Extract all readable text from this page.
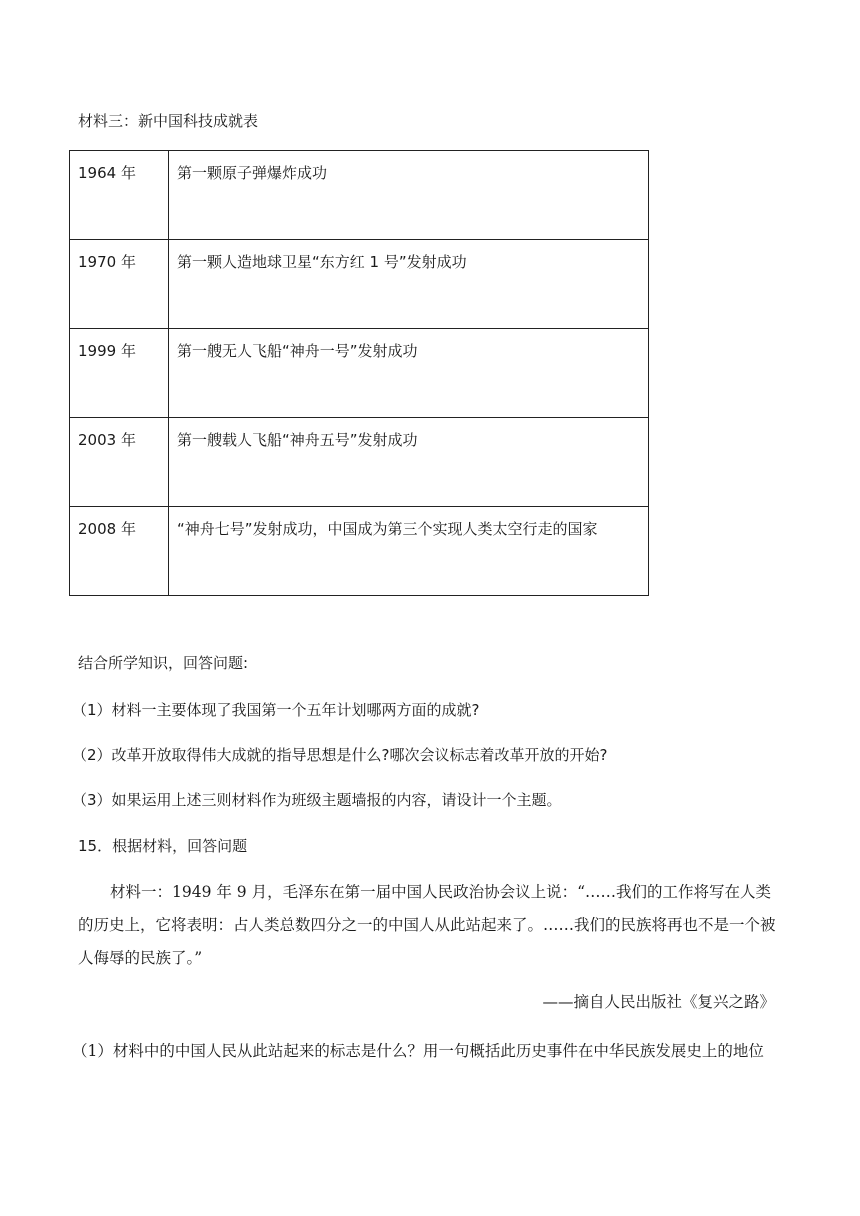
材料三：新中国科技成就表
1964 年	第一颗原子弹爆炸成功
1970 年	第一颗人造地球卫星“东方红 1 号”发射成功
1999 年	第一艘无人飞船“神舟一号”发射成功
2003 年	第一艘载人飞船“神舟五号”发射成功
2008 年	“神舟七号”发射成功，中国成为第三个实现人类太空行走的国家
结合所学知识，回答问题:
（1）材料一主要体现了我国第一个五年计划哪两方面的成就?
（2）改革开放取得伟大成就的指导思想是什么?哪次会议标志着改革开放的开始?
（3）如果运用上述三则材料作为班级主题墙报的内容，请设计一个主题。
15．根据材料，回答问题
材料一：1949 年 9 月，毛泽东在第一届中国人民政治协会议上说：“……我们的工作将写在人类的历史上，它将表明：占人类总数四分之一的中国人从此站起来了。……我们的民族将再也不是一个被人侮辱的民族了。”
——摘自人民出版社《复兴之路》
（1）材料中的中国人民从此站起来的标志是什么？用一句概括此历史事件在中华民族发展史上的地位
